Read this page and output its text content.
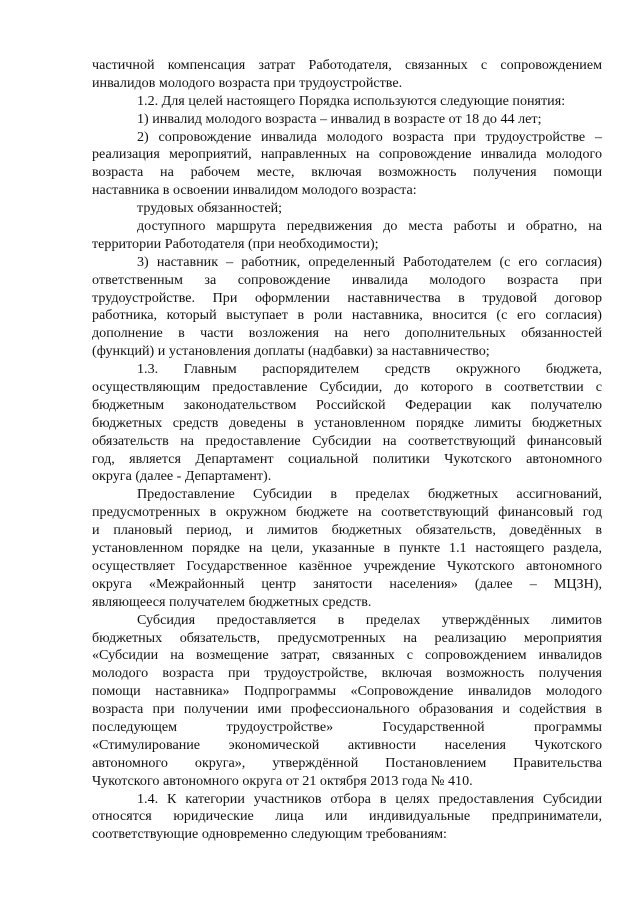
частичной компенсация затрат Работодателя, связанных с сопровождением
инвалидов молодого возраста при трудоустройстве.
1.2. Для целей настоящего Порядка используются следующие понятия:
1) инвалид молодого возраста – инвалид в возрасте от 18 до 44 лет;
2) сопровождение инвалида молодого возраста при трудоустройстве –
реализация мероприятий, направленных на сопровождение инвалида молодого
возраста на рабочем месте, включая возможность получения помощи
наставника в освоении инвалидом молодого возраста:
трудовых обязанностей;
доступного маршрута передвижения до места работы и обратно, на
территории Работодателя (при необходимости);
3) наставник – работник, определенный Работодателем (с его согласия)
ответственным за сопровождение инвалида молодого возраста при
трудоустройстве. При оформлении наставничества в трудовой договор
работника, который выступает в роли наставника, вносится (с его согласия)
дополнение в части возложения на него дополнительных обязанностей
(функций) и установления доплаты (надбавки) за наставничество;
1.3. Главным распорядителем средств окружного бюджета,
осуществляющим предоставление Субсидии, до которого в соответствии с
бюджетным законодательством Российской Федерации как получателю
бюджетных средств доведены в установленном порядке лимиты бюджетных
обязательств на предоставление Субсидии на соответствующий финансовый
год, является Департамент социальной политики Чукотского автономного
округа (далее - Департамент).
Предоставление Субсидии в пределах бюджетных ассигнований,
предусмотренных в окружном бюджете на соответствующий финансовый год
и плановый период, и лимитов бюджетных обязательств, доведённых в
установленном порядке на цели, указанные в пункте 1.1 настоящего раздела,
осуществляет Государственное казённое учреждение Чукотского автономного
округа «Межрайонный центр занятости населения» (далее – МЦЗН),
являющееся получателем бюджетных средств.
Субсидия предоставляется в пределах утверждённых лимитов
бюджетных обязательств, предусмотренных на реализацию мероприятия
«Субсидии на возмещение затрат, связанных с сопровождением инвалидов
молодого возраста при трудоустройстве, включая возможность получения
помощи наставника» Подпрограммы «Сопровождение инвалидов молодого
возраста при получении ими профессионального образования и содействия в
последующем трудоустройстве» Государственной программы
«Стимулирование экономической активности населения Чукотского
автономного округа», утверждённой Постановлением Правительства
Чукотского автономного округа от 21 октября 2013 года № 410.
1.4. К категории участников отбора в целях предоставления Субсидии
относятся юридические лица или индивидуальные предприниматели,
соответствующие одновременно следующим требованиям:
